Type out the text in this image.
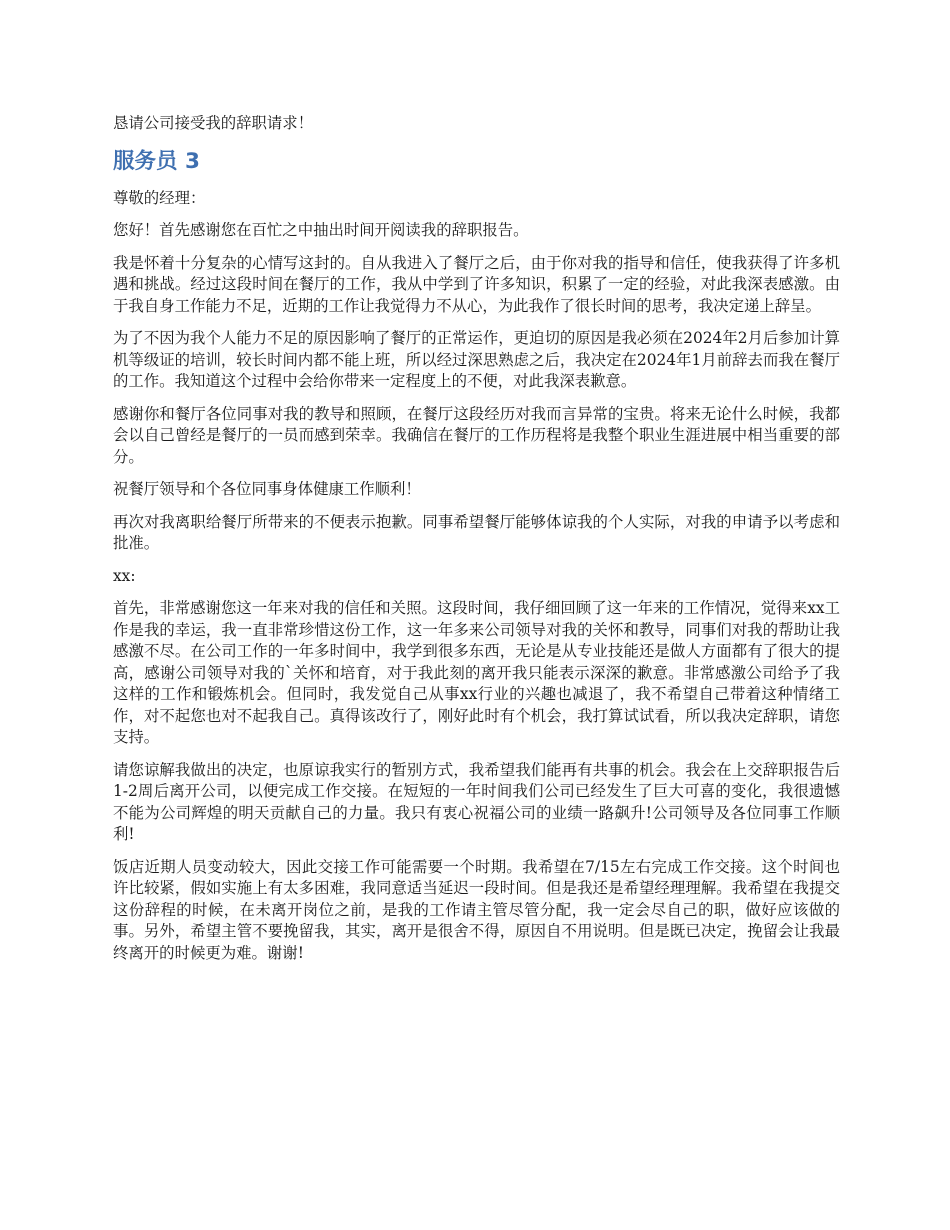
恳请公司接受我的辞职请求！

服务员 3

尊敬的经理：

您好！首先感谢您在百忙之中抽出时间开阅读我的辞职报告。

我是怀着十分复杂的心情写这封的。自从我进入了餐厅之后，由于你对我的指导和信任，使我获得了许多机遇和挑战。经过这段时间在餐厅的工作，我从中学到了许多知识，积累了一定的经验，对此我深表感激。由于我自身工作能力不足，近期的工作让我觉得力不从心，为此我作了很长时间的思考，我决定递上辞呈。

为了不因为我个人能力不足的原因影响了餐厅的正常运作，更迫切的原因是我必须在2024年2月后参加计算机等级证的培训，较长时间内都不能上班，所以经过深思熟虑之后，我决定在2024年1月前辞去而我在餐厅的工作。我知道这个过程中会给你带来一定程度上的不便，对此我深表歉意。

感谢你和餐厅各位同事对我的教导和照顾，在餐厅这段经历对我而言异常的宝贵。将来无论什么时候，我都会以自己曾经是餐厅的一员而感到荣幸。我确信在餐厅的工作历程将是我整个职业生涯进展中相当重要的部分。

祝餐厅领导和个各位同事身体健康工作顺利！

再次对我离职给餐厅所带来的不便表示抱歉。同事希望餐厅能够体谅我的个人实际，对我的申请予以考虑和批准。

xx:

首先，非常感谢您这一年来对我的信任和关照。这段时间，我仔细回顾了这一年来的工作情况，觉得来xx工作是我的幸运，我一直非常珍惜这份工作，这一年多来公司领导对我的关怀和教导，同事们对我的帮助让我感激不尽。在公司工作的一年多时间中，我学到很多东西，无论是从专业技能还是做人方面都有了很大的提高，感谢公司领导对我的`关怀和培育，对于我此刻的离开我只能表示深深的歉意。非常感激公司给予了我这样的工作和锻炼机会。但同时，我发觉自己从事xx行业的兴趣也减退了，我不希望自己带着这种情绪工作，对不起您也对不起我自己。真得该改行了，刚好此时有个机会，我打算试试看，所以我决定辞职，请您支持。

请您谅解我做出的决定，也原谅我实行的暂别方式，我希望我们能再有共事的机会。我会在上交辞职报告后1-2周后离开公司，以便完成工作交接。在短短的一年时间我们公司已经发生了巨大可喜的变化，我很遗憾不能为公司辉煌的明天贡献自己的力量。我只有衷心祝福公司的业绩一路飙升!公司领导及各位同事工作顺利!

饭店近期人员变动较大，因此交接工作可能需要一个时期。我希望在7/15左右完成工作交接。这个时间也许比较紧，假如实施上有太多困难，我同意适当延迟一段时间。但是我还是希望经理理解。我希望在我提交这份辞程的时候，在未离开岗位之前，是我的工作请主管尽管分配，我一定会尽自己的职，做好应该做的事。另外，希望主管不要挽留我，其实，离开是很舍不得，原因自不用说明。但是既已决定，挽留会让我最终离开的时候更为难。谢谢!
